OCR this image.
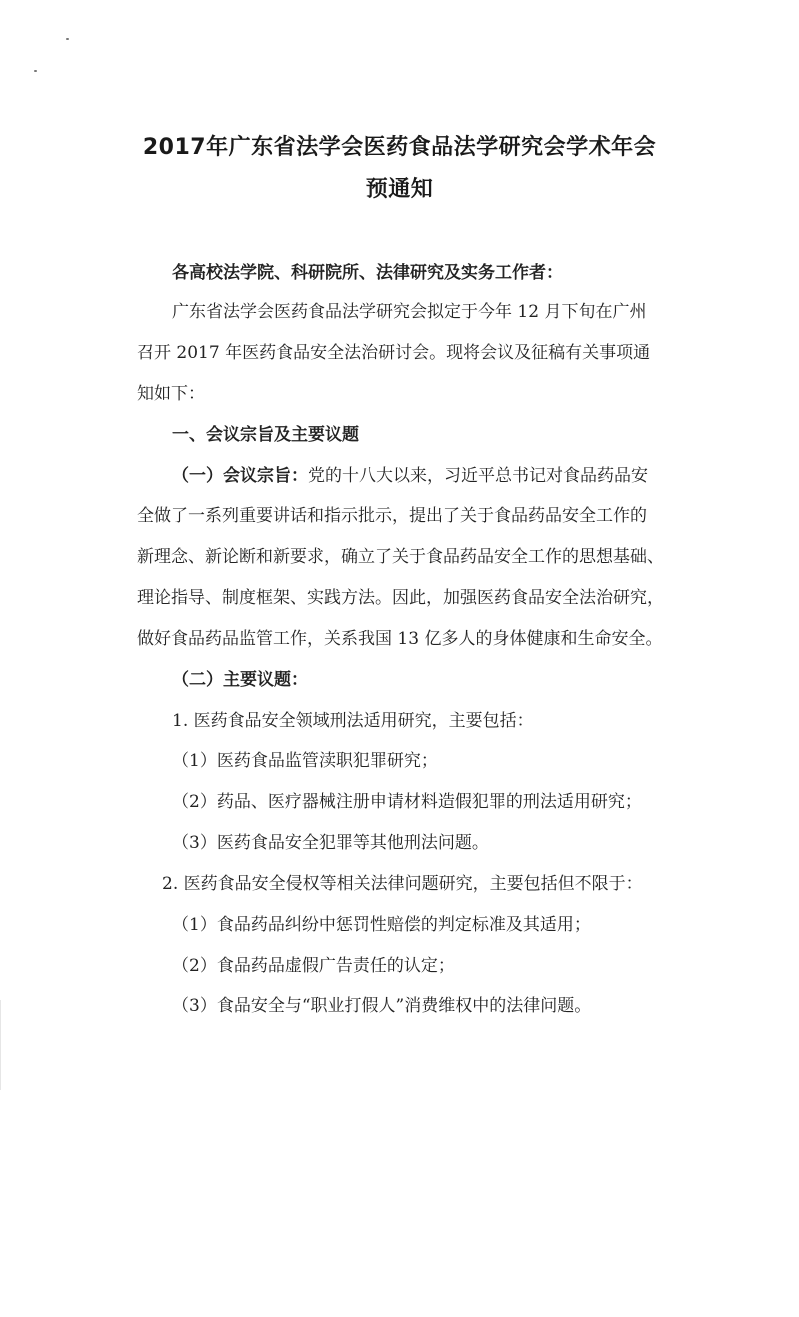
2017年广东省法学会医药食品法学研究会学术年会
预通知
各高校法学院、科研院所、法律研究及实务工作者：
广东省法学会医药食品法学研究会拟定于今年 12 月下旬在广州
召开 2017 年医药食品安全法治研讨会。现将会议及征稿有关事项通
知如下：
一、会议宗旨及主要议题
（一）会议宗旨：党的十八大以来，习近平总书记对食品药品安
全做了一系列重要讲话和指示批示，提出了关于食品药品安全工作的
新理念、新论断和新要求，确立了关于食品药品安全工作的思想基础、
理论指导、制度框架、实践方法。因此，加强医药食品安全法治研究，
做好食品药品监管工作，关系我国 13 亿多人的身体健康和生命安全。
（二）主要议题：
1. 医药食品安全领域刑法适用研究，主要包括：
（1）医药食品监管渎职犯罪研究；
（2）药品、医疗器械注册申请材料造假犯罪的刑法适用研究；
（3）医药食品安全犯罪等其他刑法问题。
2. 医药食品安全侵权等相关法律问题研究，主要包括但不限于：
（1）食品药品纠纷中惩罚性赔偿的判定标准及其适用；
（2）食品药品虚假广告责任的认定；
（3）食品安全与“职业打假人”消费维权中的法律问题。
